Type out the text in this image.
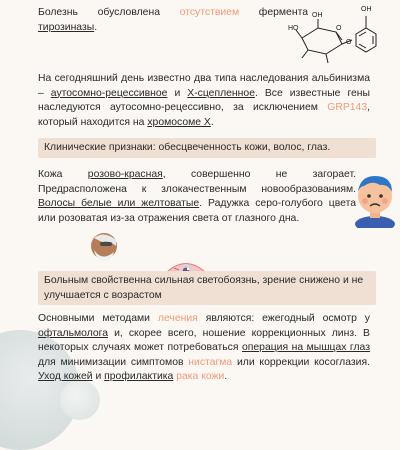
Болезнь обусловлена отсутствием фермента тирозиназы.

OH
HO
OH
O
O

На сегодняшний день известно два типа наследования альбинизма – аутосомно-рецессивное и Х-сцепленное. Все известные гены наследуются аутосомно-рецессивно, за исключением GRP143, который находится на хромосоме Х.

Клинические признаки: обесцвеченность кожи, волос, глаз.

Кожа розово-красная, совершенно не загорает. Предрасположена к злокачественным новообразованиям. Волосы белые или желтоватые. Радужка серо-голубого цвета или розоватая из-за отражения света от глазного дна.

Больным свойственна сильная светобоязнь, зрение снижено и не улучшается с возрастом

Основными методами лечения являются: ежегодный осмотр у офтальмолога и, скорее всего, ношение коррекционных линз. В некоторых случаях может потребоваться операция на мышцах глаз для минимизации симптомов нистагма или коррекции косоглазия. Уход кожей и профилактика рака кожи.
